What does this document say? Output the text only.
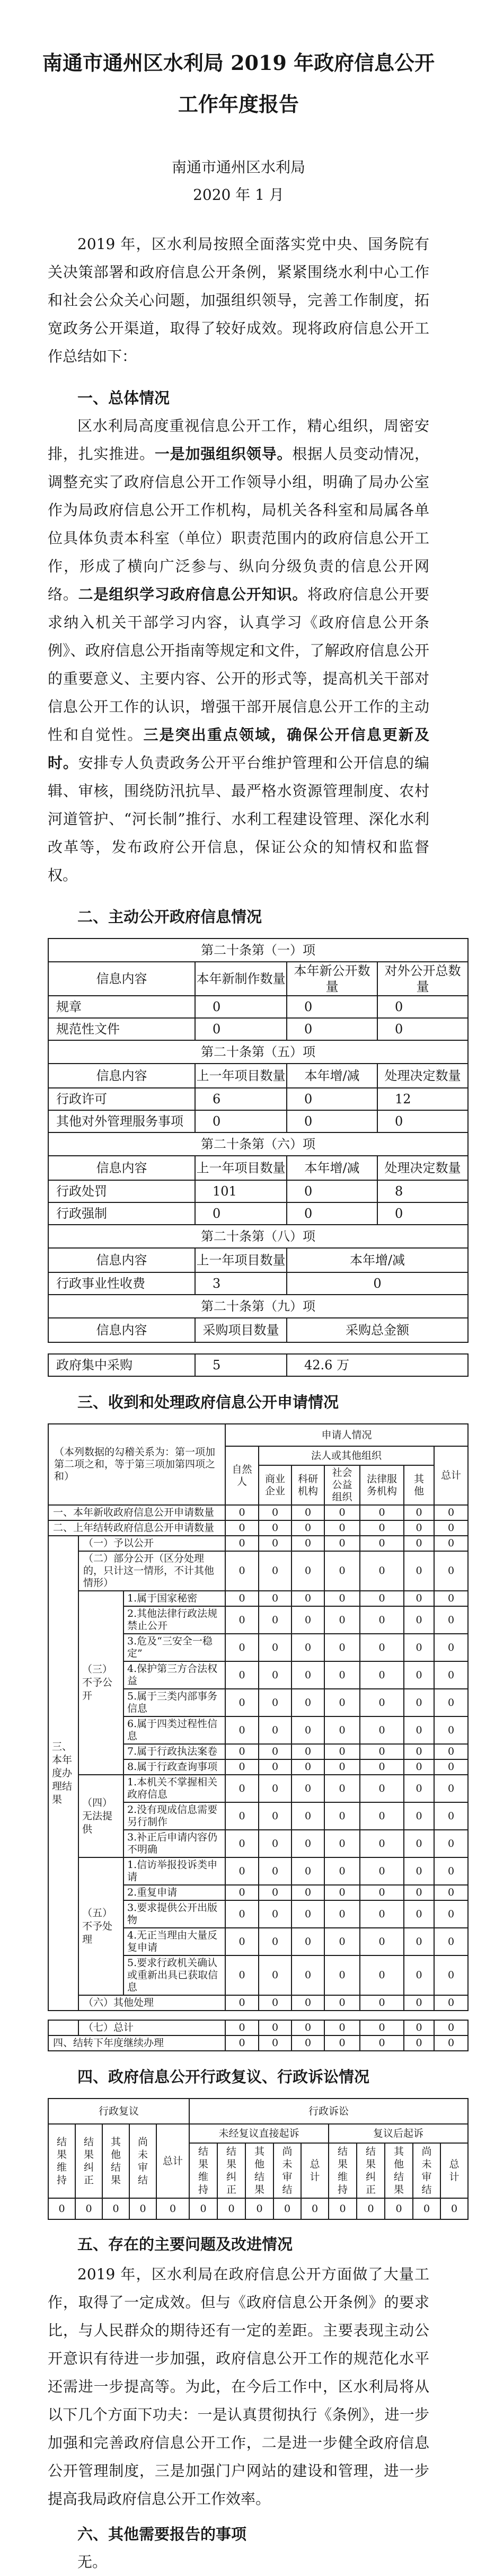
南通市通州区水利局 2019 年政府信息公开
工作年度报告
南通市通州区水利局
2020 年 1 月

2019 年，区水利局按照全面落实党中央、国务院有关决策部署和政府信息公开条例，紧紧围绕水利中心工作和社会公众关心问题，加强组织领导，完善工作制度，拓宽政务公开渠道，取得了较好成效。现将政府信息公开工作总结如下：

一、总体情况

区水利局高度重视信息公开工作，精心组织，周密安排，扎实推进。一是加强组织领导。根据人员变动情况，调整充实了政府信息公开工作领导小组，明确了局办公室作为局政府信息公开工作机构，局机关各科室和局属各单位具体负责本科室（单位）职责范围内的政府信息公开工作，形成了横向广泛参与、纵向分级负责的信息公开网络。二是组织学习政府信息公开知识。将政府信息公开要求纳入机关干部学习内容，认真学习《政府信息公开条例》、政府信息公开指南等规定和文件，了解政府信息公开的重要意义、主要内容、公开的形式等，提高机关干部对信息公开工作的认识，增强干部开展信息公开工作的主动性和自觉性。三是突出重点领域，确保公开信息更新及时。安排专人负责政务公开平台维护管理和公开信息的编辑、审核，围绕防汛抗旱、最严格水资源管理制度、农村河道管护、“河长制”推行、水利工程建设管理、深化水利改革等，发布政府公开信息，保证公众的知情权和监督权。

二、主动公开政府信息情况
第二十条第（一）项			
信息内容	本年新制作数量	本年新公开数量	对外公开总数量
规章	0	0	0
规范性文件	0	0	0
第二十条第（五）项			
信息内容	上一年项目数量	本年增/减	处理决定数量
行政许可	6	0	12
其他对外管理服务事项	0	0	0
第二十条第（六）项			
信息内容	上一年项目数量	本年增/减	处理决定数量
行政处罚	101	0	8
行政强制	0	0	0
第二十条第（八）项			
信息内容	上一年项目数量	本年增/减	
行政事业性收费	3	0	
第二十条第（九）项			
信息内容	采购项目数量	采购总金额	
政府集中采购	5	42.6 万
三、收到和处理政府信息公开申请情况
（本列数据的勾稽关系为：第一项加第二项之和，等于第三项加第四项之和）			申请人情况						
			自然人	法人或其他组织					总计
				商业企业	科研机构	社会公益组织	法律服务机构	其他	
一、本年新收政府信息公开申请数量			0	0	0	0	0	0	0
二、上年结转政府信息公开申请数量			0	0	0	0	0	0	0
三、本年度办理结果	（一）予以公开		0	0	0	0	0	0	0
	（二）部分公开（区分处理的，只计这一情形，不计其他情形）		0	0	0	0	0	0	0
	（三）不予公开	1.属于国家秘密	0	0	0	0	0	0	0
		2.其他法律行政法规禁止公开	0	0	0	0	0	0	0
		3.危及“三安全一稳定”	0	0	0	0	0	0	0
		4.保护第三方合法权益	0	0	0	0	0	0	0
		5.属于三类内部事务信息	0	0	0	0	0	0	0
		6.属于四类过程性信息	0	0	0	0	0	0	0
		7.属于行政执法案卷	0	0	0	0	0	0	0
		8.属于行政查询事项	0	0	0	0	0	0	0
	（四）无法提供	1.本机关不掌握相关政府信息	0	0	0	0	0	0	0
		2.没有现成信息需要另行制作	0	0	0	0	0	0	0
		3.补正后申请内容仍不明确	0	0	0	0	0	0	0
	（五）不予处理	1.信访举报投诉类申请	0	0	0	0	0	0	0
		2.重复申请	0	0	0	0	0	0	0
		3.要求提供公开出版物	0	0	0	0	0	0	0
		4.无正当理由大量反复申请	0	0	0	0	0	0	0
		5.要求行政机关确认或重新出具已获取信息	0	0	0	0	0	0	0
	（六）其他处理		0	0	0	0	0	0	0
	（七）总计	0	0	0	0	0	0	0
四、结转下年度继续办理		0	0	0	0	0	0	0
四、政府信息公开行政复议、行政诉讼情况
行政复议					行政诉讼									
结果维持	结果纠正	其他结果	尚未审结	总计	未经复议直接起诉					复议后起诉				
					结果维持	结果纠正	其他结果	尚未审结	总计	结果维持	结果纠正	其他结果	尚未审结	总计
0	0	0	0	0	0	0	0	0	0	0	0	0	0	0
五、存在的主要问题及改进情况

2019 年，区水利局在政府信息公开方面做了大量工作，取得了一定成效。但与《政府信息公开条例》的要求比，与人民群众的期待还有一定的差距。主要表现主动公开意识有待进一步加强，政府信息公开工作的规范化水平还需进一步提高等。为此，在今后工作中，区水利局将从以下几个方面下功夫：一是认真贯彻执行《条例》，进一步加强和完善政府信息公开工作，二是进一步健全政府信息公开管理制度，三是加强门户网站的建设和管理，进一步提高我局政府信息公开工作效率。

六、其他需要报告的事项

无。
